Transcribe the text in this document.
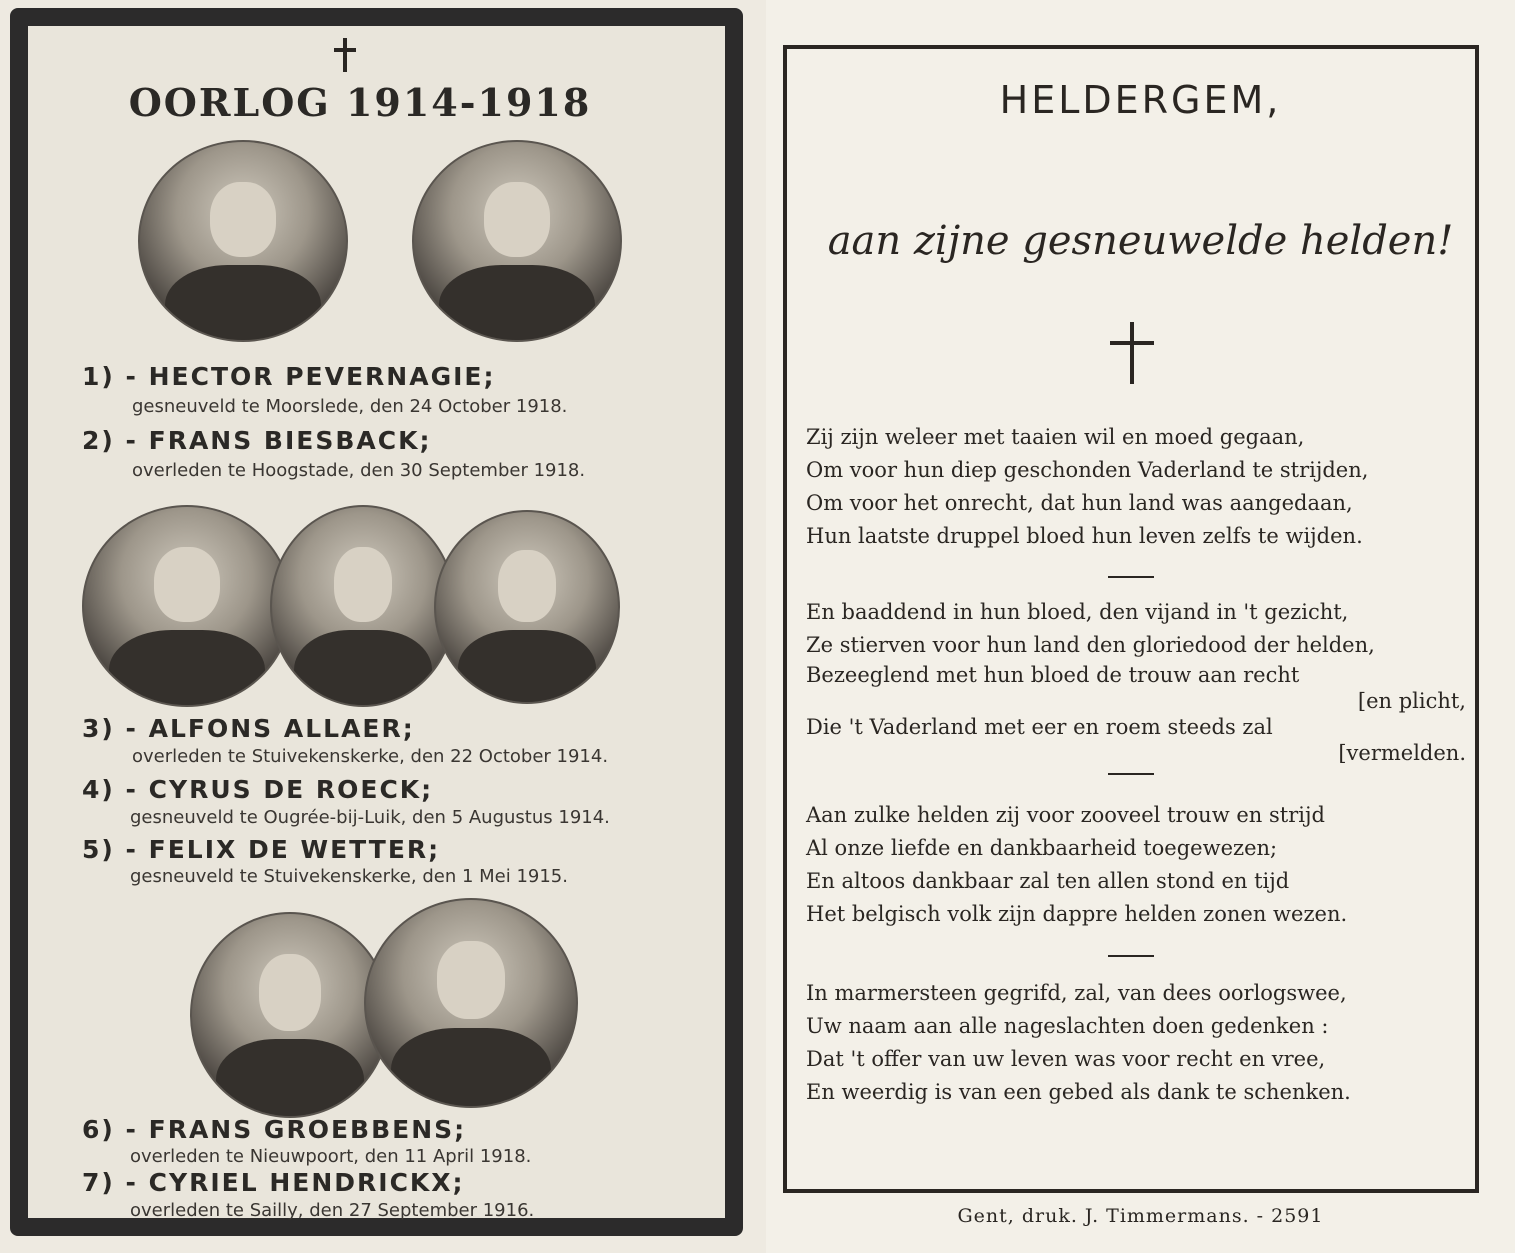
OORLOG 1914-1918
1) - HECTOR PEVERNAGIE;
gesneuveld te Moorslede, den 24 October 1918.
2) - FRANS BIESBACK;
overleden te Hoogstade, den 30 September 1918.
3) - ALFONS ALLAER;
overleden te Stuivekenskerke, den 22 October 1914.
4) - CYRUS DE ROECK;
gesneuveld te Ougrée-bij-Luik, den 5 Augustus 1914.
5) - FELIX DE WETTER;
gesneuveld te Stuivekenskerke, den 1 Mei 1915.
6) - FRANS GROEBBENS;
overleden te Nieuwpoort, den 11 April 1918.
7) - CYRIEL HENDRICKX;
overleden te Sailly, den 27 September 1916.
HELDERGEM,
aan zijne gesneuwelde helden!
Zij zijn weleer met taaien wil en moed gegaan,
Om voor hun diep geschonden Vaderland te strijden,
Om voor het onrecht, dat hun land was aangedaan,
Hun laatste druppel bloed hun leven zelfs te wijden.
En baaddend in hun bloed, den vijand in 't gezicht,
Ze stierven voor hun land den gloriedood der helden,
Bezeeglend met hun bloed de trouw aan recht
[en plicht,
Die 't Vaderland met eer en roem steeds zal
[vermelden.
Aan zulke helden zij voor zooveel trouw en strijd
Al onze liefde en dankbaarheid toegewezen;
En altoos dankbaar zal ten allen stond en tijd
Het belgisch volk zijn dappre helden zonen wezen.
In marmersteen gegrifd, zal, van dees oorlogswee,
Uw naam aan alle nageslachten doen gedenken :
Dat 't offer van uw leven was voor recht en vree,
En weerdig is van een gebed als dank te schenken.
Gent, druk. J. Timmermans. - 2591
